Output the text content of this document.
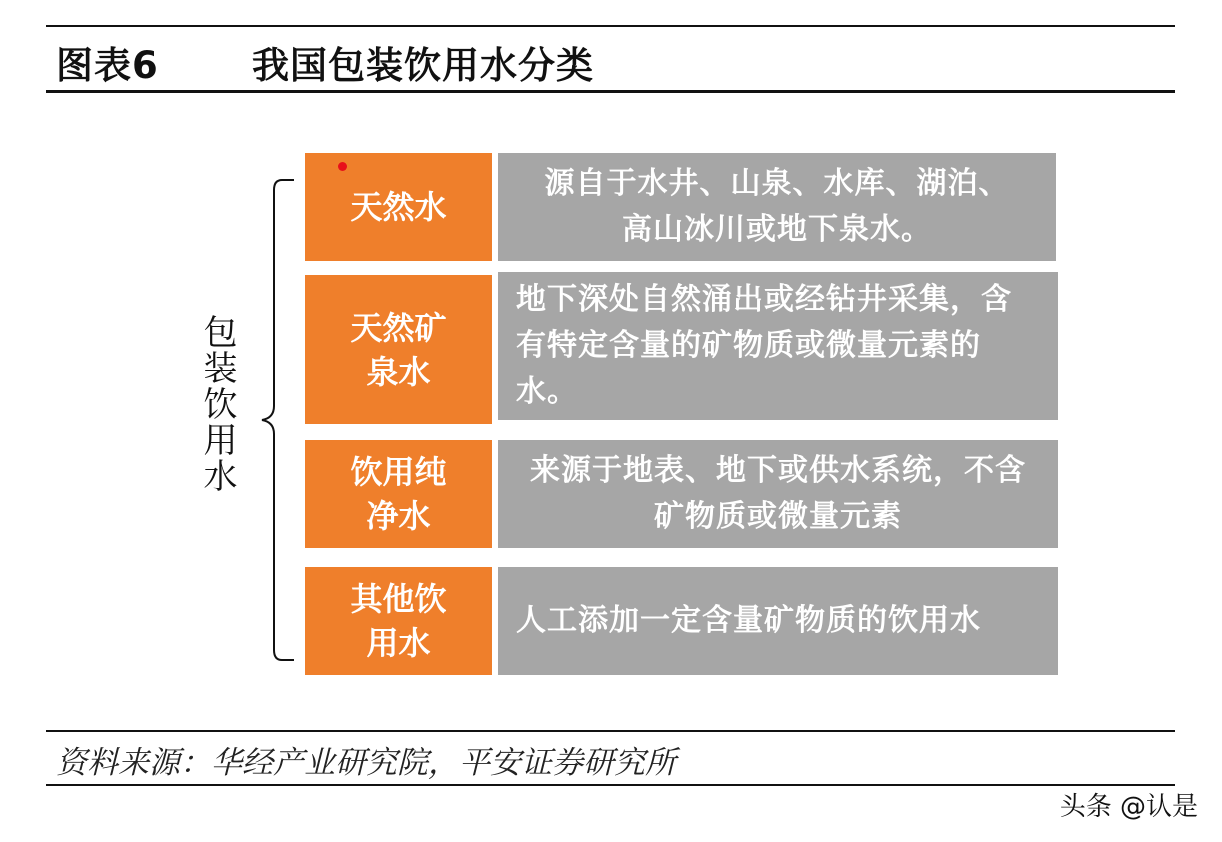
图表6	我国包装饮用水分类
包装饮用水
天然水
源自于水井、山泉、水库、湖泊、高山冰川或地下泉水。
天然矿泉水
地下深处自然涌出或经钻井采集，含有特定含量的矿物质或微量元素的水。
饮用纯净水
来源于地表、地下或供水系统，不含矿物质或微量元素
其他饮用水
人工添加一定含量矿物质的饮用水
资料来源：华经产业研究院，平安证券研究所
头条 @认是
